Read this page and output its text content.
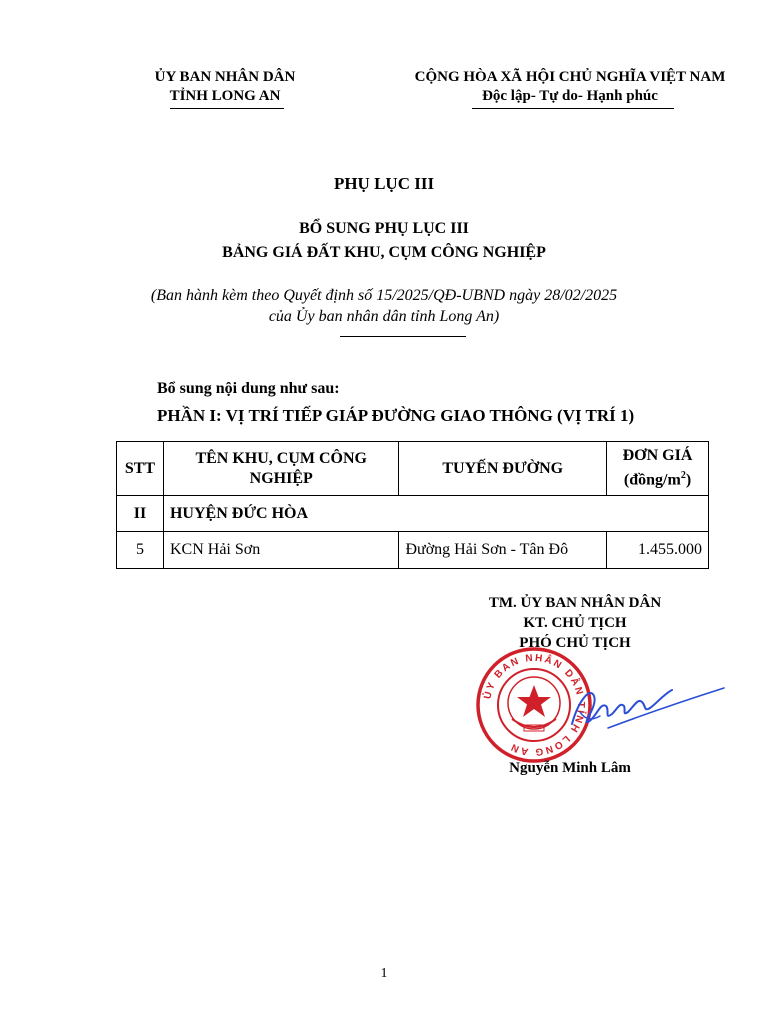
ỦY BAN NHÂN DÂN
TỈNH LONG AN
CỘNG HÒA XÃ HỘI CHỦ NGHĨA VIỆT NAM
Độc lập- Tự do- Hạnh phúc
PHỤ LỤC III
BỔ SUNG PHỤ LỤC III
BẢNG GIÁ ĐẤT KHU, CỤM CÔNG NGHIỆP
(Ban hành kèm theo Quyết định số 15/2025/QĐ-UBND ngày 28/02/2025
của Ủy ban nhân dân tỉnh Long An)
Bổ sung nội dung như sau:
PHẦN I: VỊ TRÍ TIẾP GIÁP ĐƯỜNG GIAO THÔNG (VỊ TRÍ 1)
STT	TÊN KHU, CỤM CÔNG NGHIỆP	TUYẾN ĐƯỜNG	ĐƠN GIÁ
$(đồng/m^2)$

II	HUYỆN ĐỨC HÒA		
5	KCN Hải Sơn	Đường Hải Sơn - Tân Đô	1.455.000
TM. ỦY BAN NHÂN DÂN
KT. CHỦ TỊCH
PHÓ CHỦ TỊCH
ỦY BAN NHÂN DÂN TỈNH LONG AN
Nguyễn Minh Lâm
1
